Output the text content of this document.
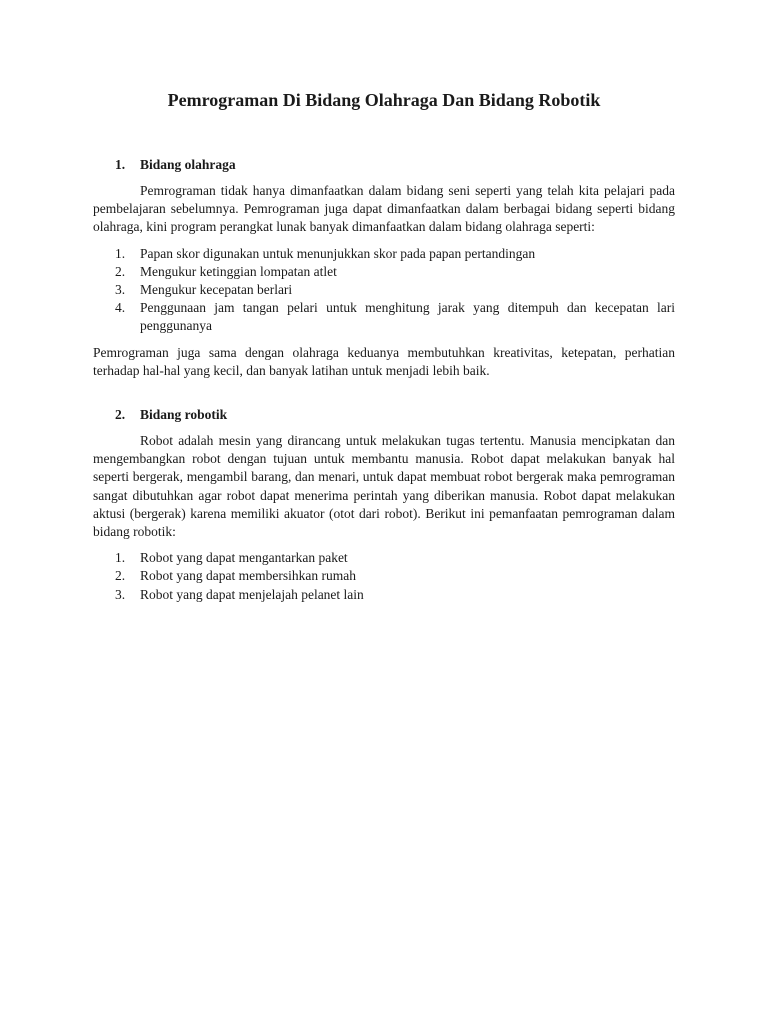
Pemrograman Di Bidang Olahraga Dan Bidang Robotik
1. Bidang olahraga

Pemrograman tidak hanya dimanfaatkan dalam bidang seni seperti yang telah kita pelajari pada pembelajaran sebelumnya. Pemrograman juga dapat dimanfaatkan dalam berbagai bidang seperti bidang olahraga, kini program perangkat lunak banyak dimanfaatkan dalam bidang olahraga seperti:

1. Papan skor digunakan untuk menunjukkan skor pada papan pertandingan
2. Mengukur ketinggian lompatan atlet
3. Mengukur kecepatan berlari
4. Penggunaan jam tangan pelari untuk menghitung jarak yang ditempuh dan kecepatan lari penggunanya

Pemrograman juga sama dengan olahraga keduanya membutuhkan kreativitas, ketepatan, perhatian terhadap hal-hal yang kecil, dan banyak latihan untuk menjadi lebih baik.

2. Bidang robotik

Robot adalah mesin yang dirancang untuk melakukan tugas tertentu. Manusia mencipkatan dan mengembangkan robot dengan tujuan untuk membantu manusia. Robot dapat melakukan banyak hal seperti bergerak, mengambil barang, dan menari, untuk dapat membuat robot bergerak maka pemrograman sangat dibutuhkan agar robot dapat menerima perintah yang diberikan manusia. Robot dapat melakukan aktusi (bergerak) karena memiliki akuator (otot dari robot). Berikut ini pemanfaatan pemrograman dalam bidang robotik:

1. Robot yang dapat mengantarkan paket
2. Robot yang dapat membersihkan rumah
3. Robot yang dapat menjelajah pelanet lain
